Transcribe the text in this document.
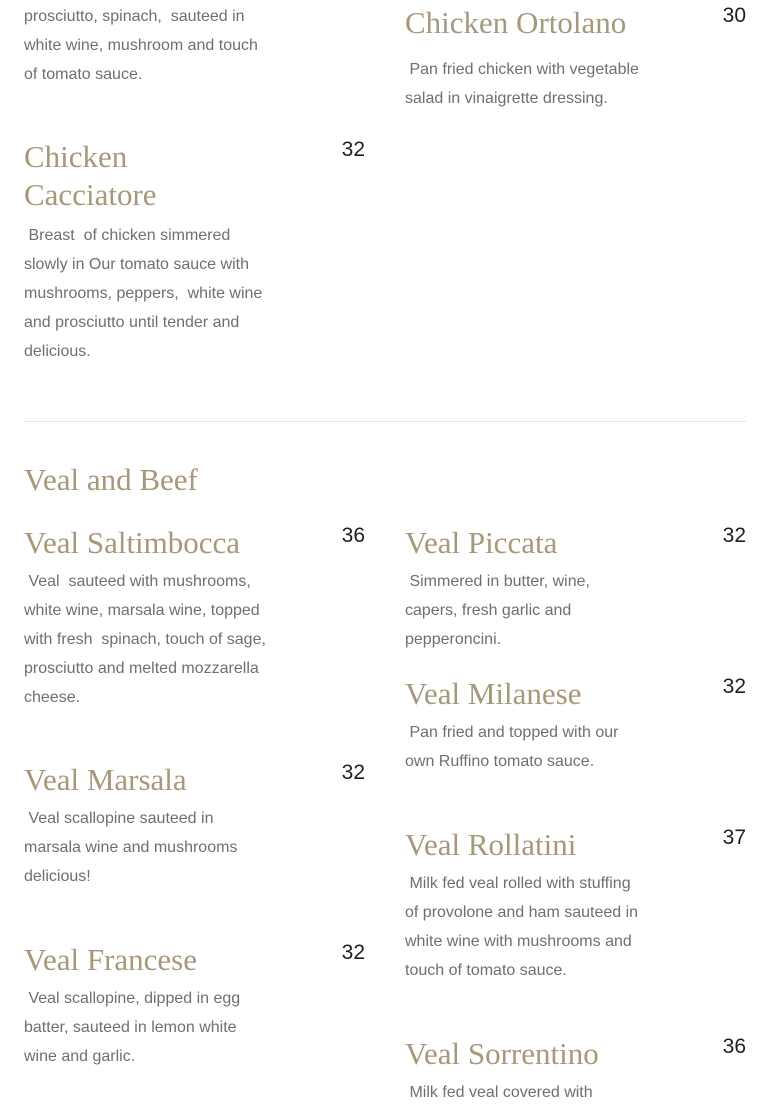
prosciutto, spinach,  sauteed in white wine, mushroom and touch of tomato sauce.

Chicken Ortolano	30

Pan fried chicken with vegetable salad in vinaigrette dressing.

Chicken Cacciatore
32

Breast  of chicken simmered slowly in Our tomato sauce with mushrooms, peppers,  white wine and prosciutto until tender and delicious.

Veal and Beef
Veal Saltimbocca	36

Veal  sauteed with mushrooms, white wine, marsala wine, topped with fresh  spinach, touch of sage, prosciutto and melted mozzarella cheese.

Veal Piccata	32

Simmered in butter, wine, capers, fresh garlic and pepperoncini.

Veal Milanese	32

Pan fried and topped with our own Ruffino tomato sauce.

Veal Marsala	32

Veal scallopine sauteed in marsala wine and mushrooms delicious!

Veal Rollatini	37

Milk fed veal rolled with stuffing of provolone and ham sauteed in white wine with mushrooms and touch of tomato sauce.

Veal Francese	32

Veal scallopine, dipped in egg batter, sauteed in lemon white wine and garlic.	Veal Sorrentino	36

Milk fed veal covered with
